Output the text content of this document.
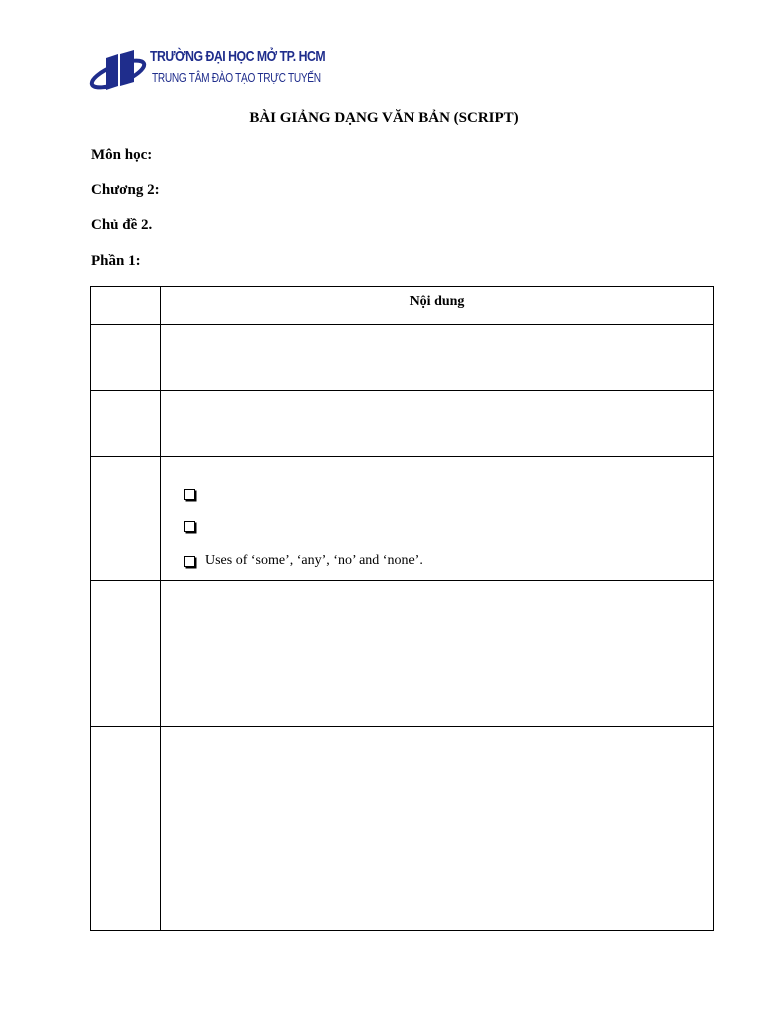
TRƯỜNG ĐẠI HỌC MỞ TP. HCM
TRUNG TÂM ĐÀO TẠO TRỰC TUYẾN
BÀI GIẢNG DẠNG VĂN BẢN (SCRIPT)
Môn học:
Chương 2:
Chủ đề 2.
Phần 1:
Nội dung
Uses of ‘some’, ‘any’, ‘no’ and ‘none’.
